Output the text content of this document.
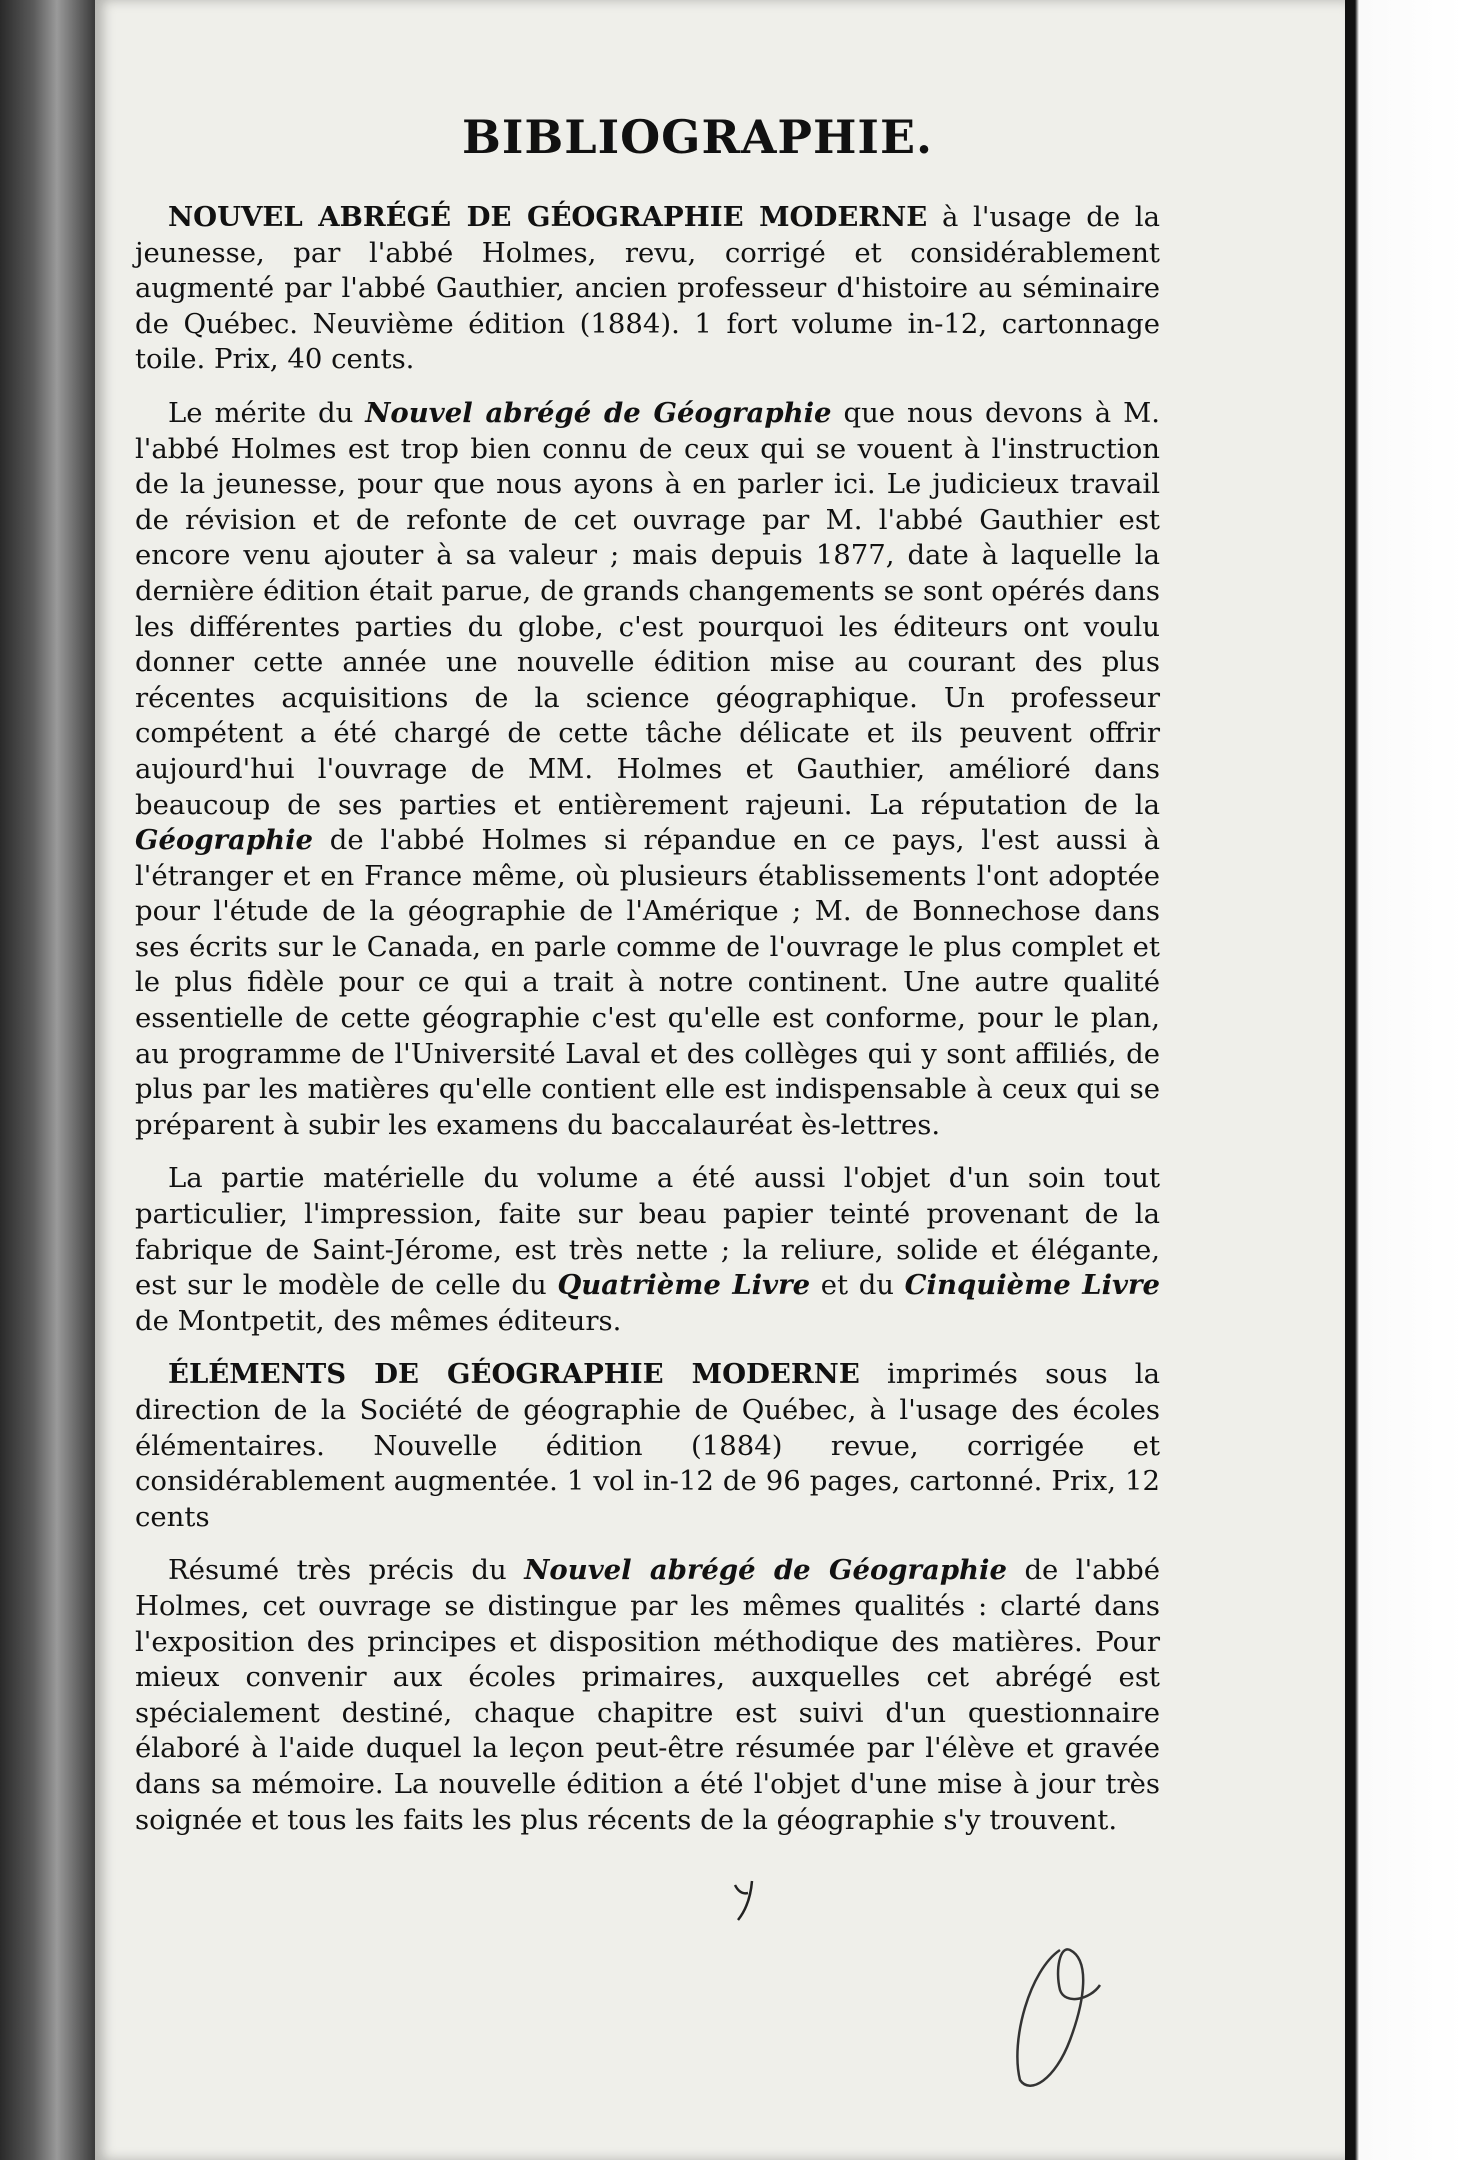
BIBLIOGRAPHIE.

NOUVEL ABRÉGÉ DE GÉOGRAPHIE MODERNE à l'usage de la jeunesse, par l'abbé Holmes, revu, corrigé et considérablement augmenté par l'abbé Gauthier, ancien professeur d'histoire au séminaire de Québec. Neuvième édition (1884). 1 fort volume in-12, cartonnage toile. Prix, 40 cents.

Le mérite du Nouvel abrégé de Géographie que nous devons à M. l'abbé Holmes est trop bien connu de ceux qui se vouent à l'instruction de la jeunesse, pour que nous ayons à en parler ici. Le judicieux travail de révision et de refonte de cet ouvrage par M. l'abbé Gauthier est encore venu ajouter à sa valeur ; mais depuis 1877, date à laquelle la dernière édition était parue, de grands changements se sont opérés dans les différentes parties du globe, c'est pourquoi les éditeurs ont voulu donner cette année une nouvelle édition mise au courant des plus récentes acquisitions de la science géographique. Un professeur compétent a été chargé de cette tâche délicate et ils peuvent offrir aujourd'hui l'ouvrage de MM. Holmes et Gauthier, amélioré dans beaucoup de ses parties et entièrement rajeuni. La réputation de la Géographie de l'abbé Holmes si répandue en ce pays, l'est aussi à l'étranger et en France même, où plusieurs établissements l'ont adoptée pour l'étude de la géographie de l'Amérique ; M. de Bonnechose dans ses écrits sur le Canada, en parle comme de l'ouvrage le plus complet et le plus fidèle pour ce qui a trait à notre continent. Une autre qualité essentielle de cette géographie c'est qu'elle est conforme, pour le plan, au programme de l'Université Laval et des collèges qui y sont affiliés, de plus par les matières qu'elle contient elle est indispensable à ceux qui se préparent à subir les examens du baccalauréat ès-lettres.

La partie matérielle du volume a été aussi l'objet d'un soin tout particulier, l'impression, faite sur beau papier teinté provenant de la fabrique de Saint-Jérome, est très nette ; la reliure, solide et élégante, est sur le modèle de celle du Quatrième Livre et du Cinquième Livre de Montpetit, des mêmes éditeurs.

ÉLÉMENTS DE GÉOGRAPHIE MODERNE imprimés sous la direction de la Société de géographie de Québec, à l'usage des écoles élémentaires. Nouvelle édition (1884) revue, corrigée et considérablement augmentée. 1 vol in-12 de 96 pages, cartonné. Prix, 12 cents

Résumé très précis du Nouvel abrégé de Géographie de l'abbé Holmes, cet ouvrage se distingue par les mêmes qualités : clarté dans l'exposition des principes et disposition méthodique des matières. Pour mieux convenir aux écoles primaires, auxquelles cet abrégé est spécialement destiné, chaque chapitre est suivi d'un questionnaire élaboré à l'aide duquel la leçon peut-être résumée par l'élève et gravée dans sa mémoire. La nouvelle édition a été l'objet d'une mise à jour très soignée et tous les faits les plus récents de la géographie s'y trouvent.
